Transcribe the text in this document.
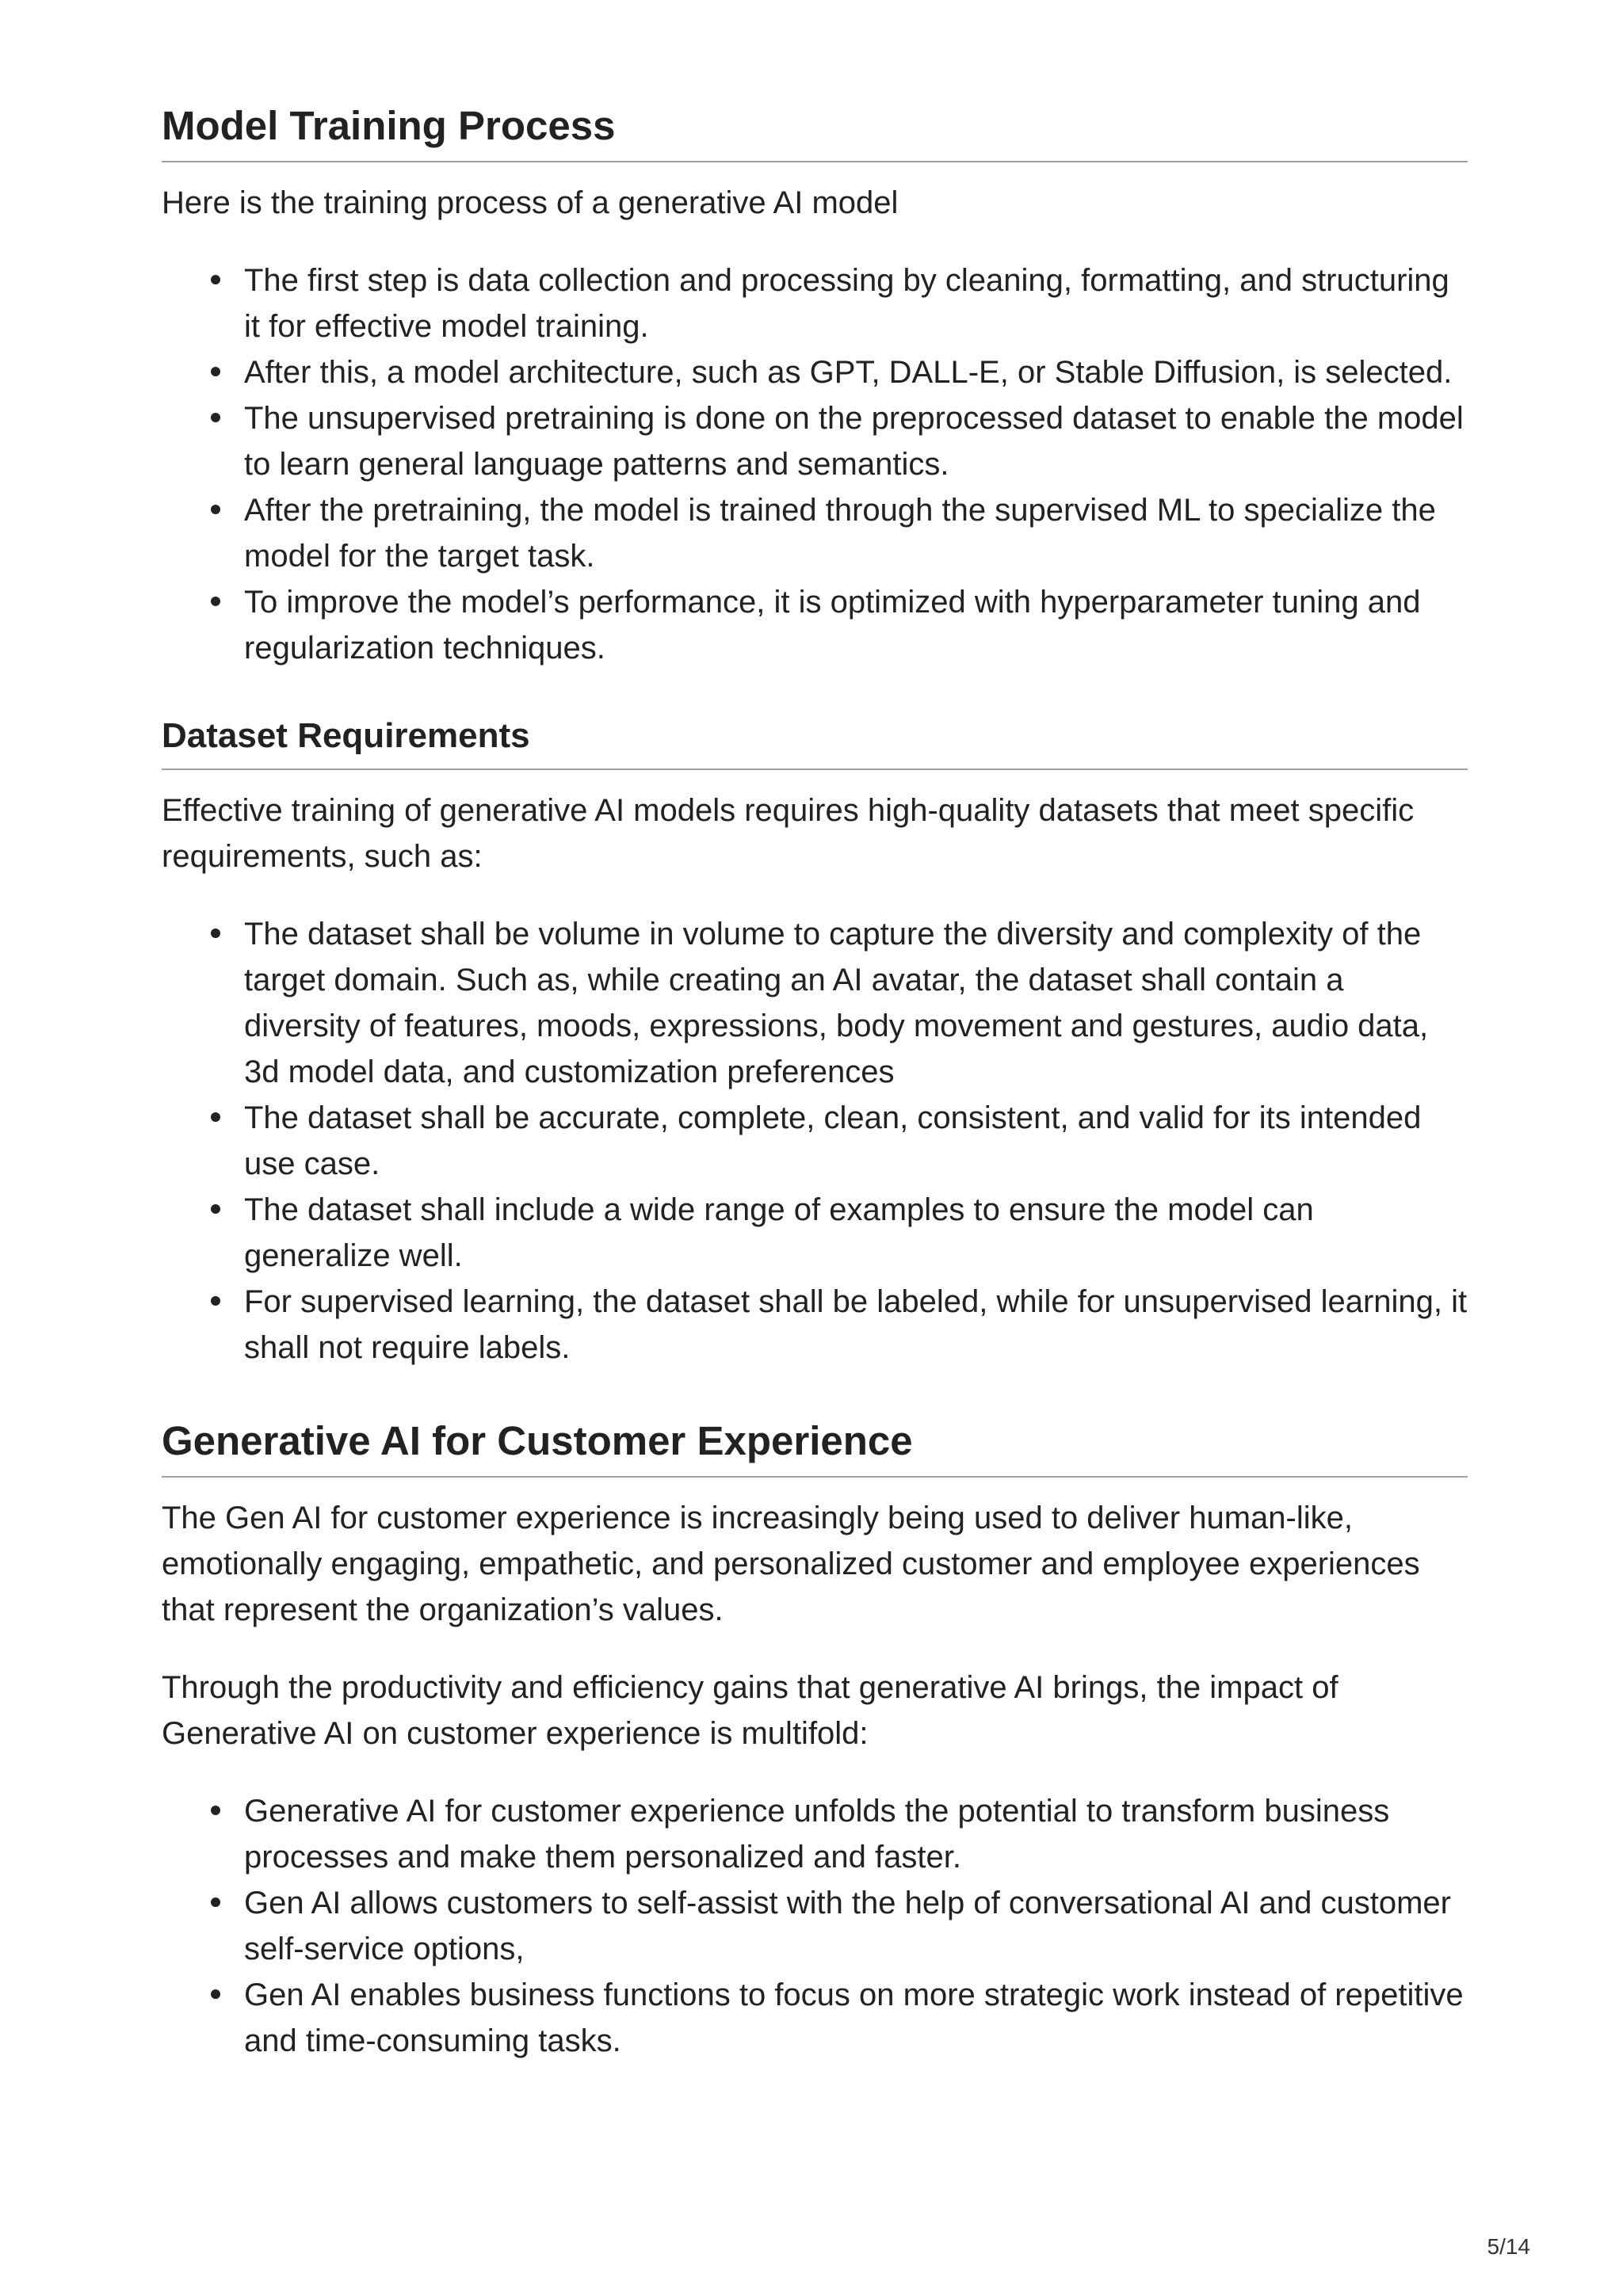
Model Training Process

Here is the training process of a generative AI model

The first step is data collection and processing by cleaning, formatting, and structuring it for effective model training.
After this, a model architecture, such as GPT, DALL-E, or Stable Diffusion, is selected.
The unsupervised pretraining is done on the preprocessed dataset to enable the model to learn general language patterns and semantics.
After the pretraining, the model is trained through the supervised ML to specialize the model for the target task.
To improve the model’s performance, it is optimized with hyperparameter tuning and regularization techniques.
Dataset Requirements

Effective training of generative AI models requires high-quality datasets that meet specific requirements, such as:

The dataset shall be volume in volume to capture the diversity and complexity of the target domain. Such as, while creating an AI avatar, the dataset shall contain a diversity of features, moods, expressions, body movement and gestures, audio data, 3d model data, and customization preferences
The dataset shall be accurate, complete, clean, consistent, and valid for its intended use case.
The dataset shall include a wide range of examples to ensure the model can generalize well.
For supervised learning, the dataset shall be labeled, while for unsupervised learning, it shall not require labels.
Generative AI for Customer Experience

The Gen AI for customer experience is increasingly being used to deliver human-like, emotionally engaging, empathetic, and personalized customer and employee experiences that represent the organization’s values.

Through the productivity and efficiency gains that generative AI brings, the impact of Generative AI on customer experience is multifold:

Generative AI for customer experience unfolds the potential to transform business processes and make them personalized and faster.
Gen AI allows customers to self-assist with the help of conversational AI and customer self-service options,
Gen AI enables business functions to focus on more strategic work instead of repetitive and time-consuming tasks.
5/14
